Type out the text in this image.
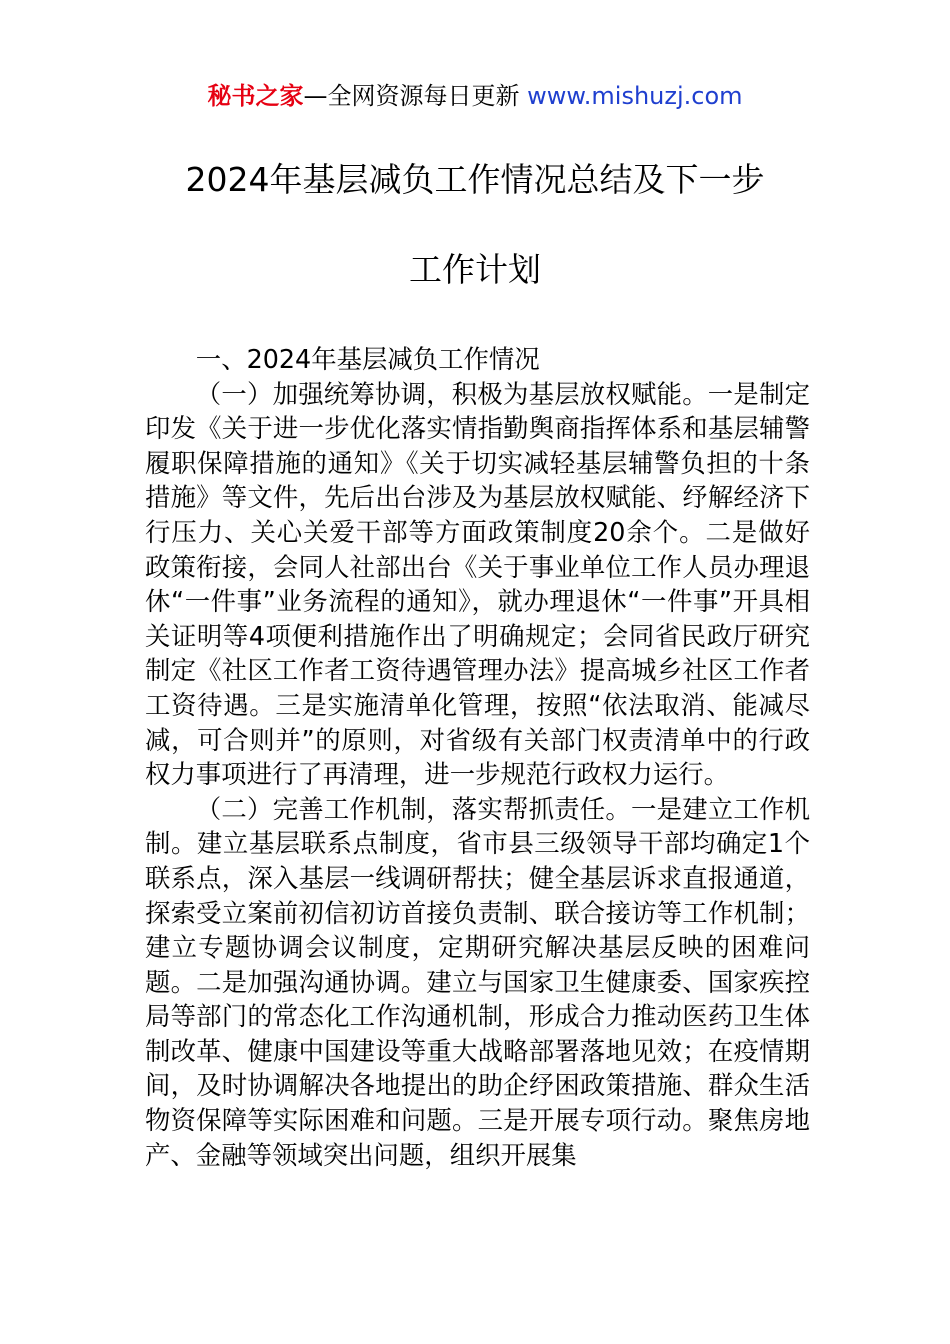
秘书之家—全网资源每日更新 www.mishuzj.com
2024年基层减负工作情况总结及下一步
工作计划

一、2024年基层减负工作情况

（一）加强统筹协调，积极为基层放权赋能。一是制定印发《关于进一步优化落实情指勤舆商指挥体系和基层辅警履职保障措施的通知》《关于切实减轻基层辅警负担的十条措施》等文件，先后出台涉及为基层放权赋能、纾解经济下行压力、关心关爱干部等方面政策制度20余个。二是做好政策衔接，会同人社部出台《关于事业单位工作人员办理退休“一件事”业务流程的通知》，就办理退休“一件事”开具相关证明等4项便利措施作出了明确规定；会同省民政厅研究制定《社区工作者工资待遇管理办法》提高城乡社区工作者工资待遇。三是实施清单化管理，按照“依法取消、能减尽减，可合则并”的原则，对省级有关部门权责清单中的行政权力事项进行了再清理，进一步规范行政权力运行。

（二）完善工作机制，落实帮抓责任。一是建立工作机制。建立基层联系点制度，省市县三级领导干部均确定1个联系点，深入基层一线调研帮扶；健全基层诉求直报通道，探索受立案前初信初访首接负责制、联合接访等工作机制；建立专题协调会议制度，定期研究解决基层反映的困难问题。二是加强沟通协调。建立与国家卫生健康委、国家疾控局等部门的常态化工作沟通机制，形成合力推动医药卫生体制改革、健康中国建设等重大战略部署落地见效；在疫情期间，及时协调解决各地提出的助企纾困政策措施、群众生活物资保障等实际困难和问题。三是开展专项行动。聚焦房地产、金融等领域突出问题，组织开展集
